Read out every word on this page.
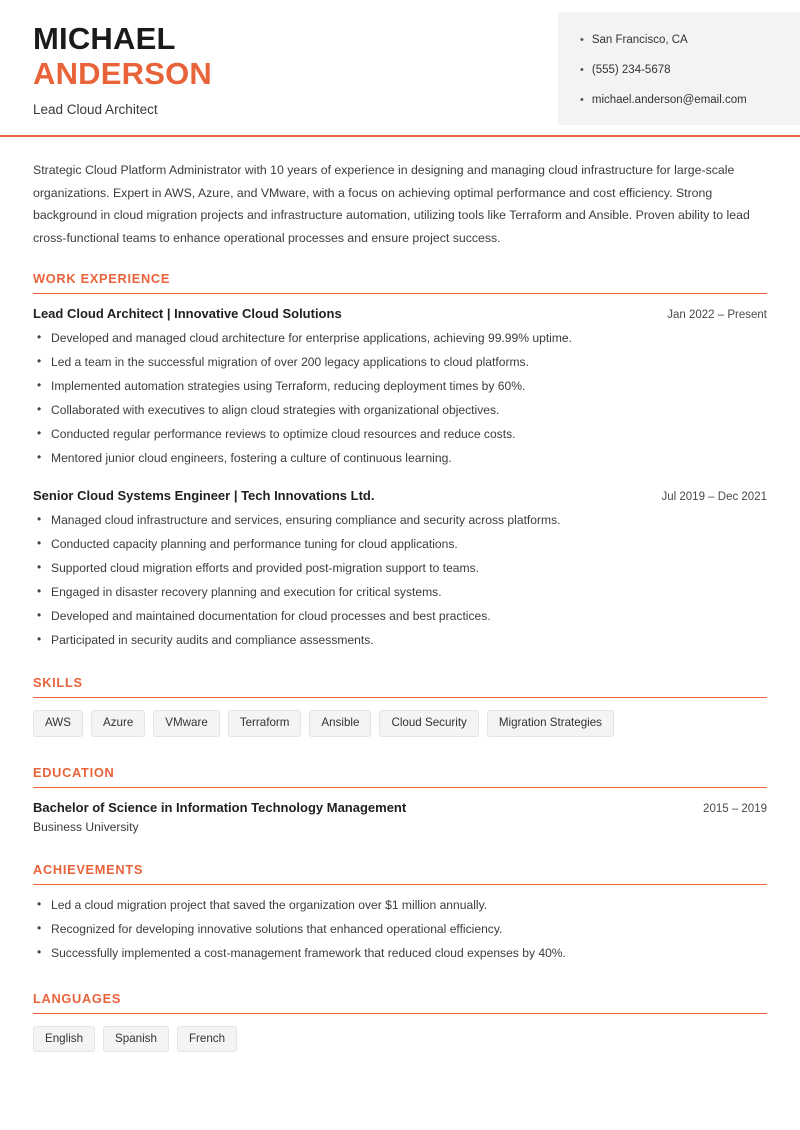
MICHAEL
ANDERSON
Lead Cloud Architect
• San Francisco, CA
• (555) 234-5678
• michael.anderson@email.com
Strategic Cloud Platform Administrator with 10 years of experience in designing and managing cloud infrastructure for large-scale organizations. Expert in AWS, Azure, and VMware, with a focus on achieving optimal performance and cost efficiency. Strong background in cloud migration projects and infrastructure automation, utilizing tools like Terraform and Ansible. Proven ability to lead cross-functional teams to enhance operational processes and ensure project success.
WORK EXPERIENCE
Lead Cloud Architect | Innovative Cloud Solutions	Jan 2022 – Present
• Developed and managed cloud architecture for enterprise applications, achieving 99.99% uptime.
• Led a team in the successful migration of over 200 legacy applications to cloud platforms.
• Implemented automation strategies using Terraform, reducing deployment times by 60%.
• Collaborated with executives to align cloud strategies with organizational objectives.
• Conducted regular performance reviews to optimize cloud resources and reduce costs.
• Mentored junior cloud engineers, fostering a culture of continuous learning.
Senior Cloud Systems Engineer | Tech Innovations Ltd.	Jul 2019 – Dec 2021
• Managed cloud infrastructure and services, ensuring compliance and security across platforms.
• Conducted capacity planning and performance tuning for cloud applications.
• Supported cloud migration efforts and provided post-migration support to teams.
• Engaged in disaster recovery planning and execution for critical systems.
• Developed and maintained documentation for cloud processes and best practices.
• Participated in security audits and compliance assessments.
SKILLS
AWS	Azure	VMware	Terraform	Ansible	Cloud Security	Migration Strategies
EDUCATION
Bachelor of Science in Information Technology Management	2015 – 2019
Business University
ACHIEVEMENTS
• Led a cloud migration project that saved the organization over $1 million annually.
• Recognized for developing innovative solutions that enhanced operational efficiency.
• Successfully implemented a cost-management framework that reduced cloud expenses by 40%.
LANGUAGES
English	Spanish	French
